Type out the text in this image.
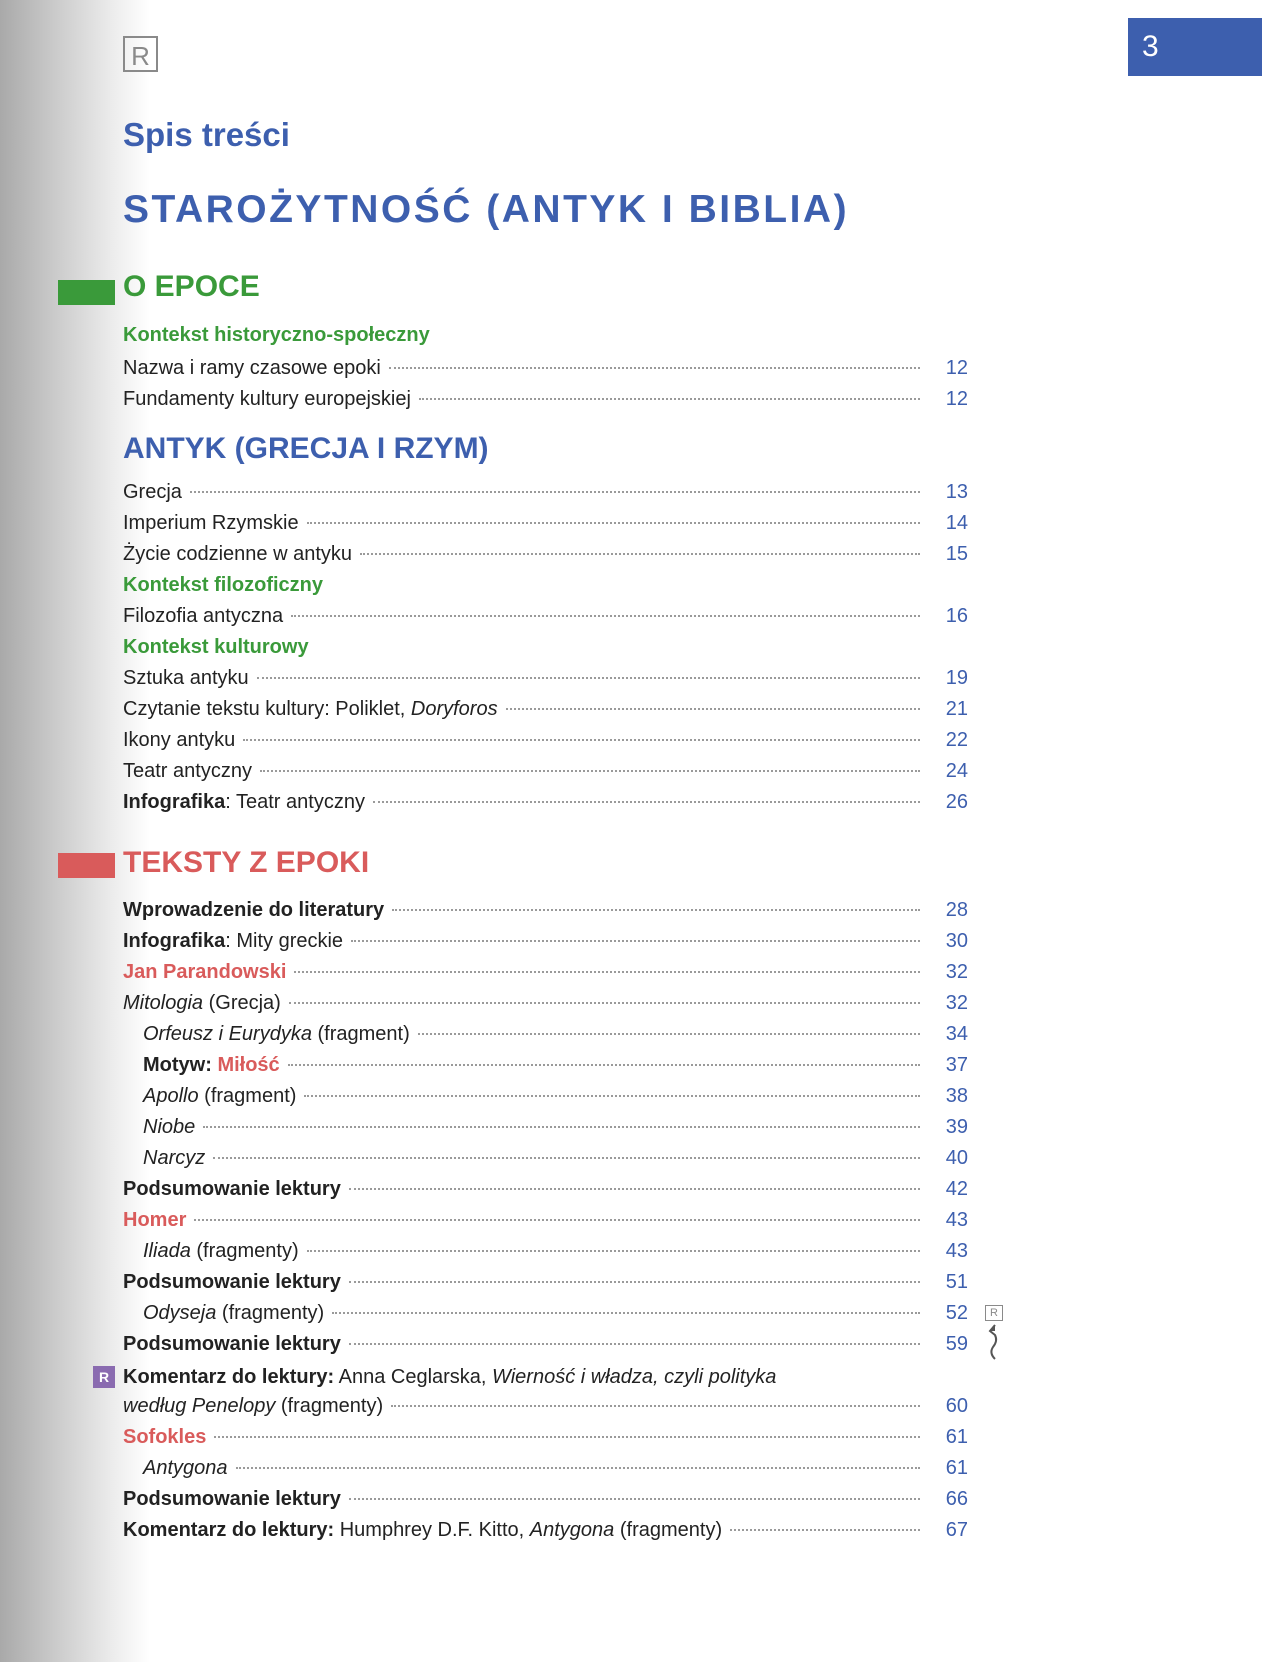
3
R
Spis treści
STAROŻYTNOŚĆ (ANTYK I BIBLIA)
O EPOCE
Kontekst historyczno-społeczny
Nazwa i ramy czasowe epoki	12
Fundamenty kultury europejskiej	12
ANTYK (GRECJA I RZYM)
Grecja	13
Imperium Rzymskie	14
Życie codzienne w antyku	15
Kontekst filozoficzny
Filozofia antyczna	16
Kontekst kulturowy
Sztuka antyku	19
Czytanie tekstu kultury: Poliklet, Doryforos	21
Ikony antyku	22
Teatr antyczny	24
Infografika: Teatr antyczny	26
TEKSTY Z EPOKI
Wprowadzenie do literatury	28
Infografika: Mity greckie	30
Jan Parandowski	32
Mitologia (Grecja)	32
Orfeusz i Eurydyka (fragment)	34
Motyw: Miłość	37
Apollo (fragment)	38
Niobe	39
Narcyz	40
Podsumowanie lektury	42
Homer	43
Iliada (fragmenty)	43
Podsumowanie lektury	51
Odyseja (fragmenty)	52
Podsumowanie lektury	59
R
R Komentarz do lektury: Anna Ceglarska, Wierność i władza, czyli polityka
według Penelopy (fragmenty)	60
Sofokles	61
Antygona	61
Podsumowanie lektury	66
Komentarz do lektury: Humphrey D.F. Kitto, Antygona (fragmenty)	67
